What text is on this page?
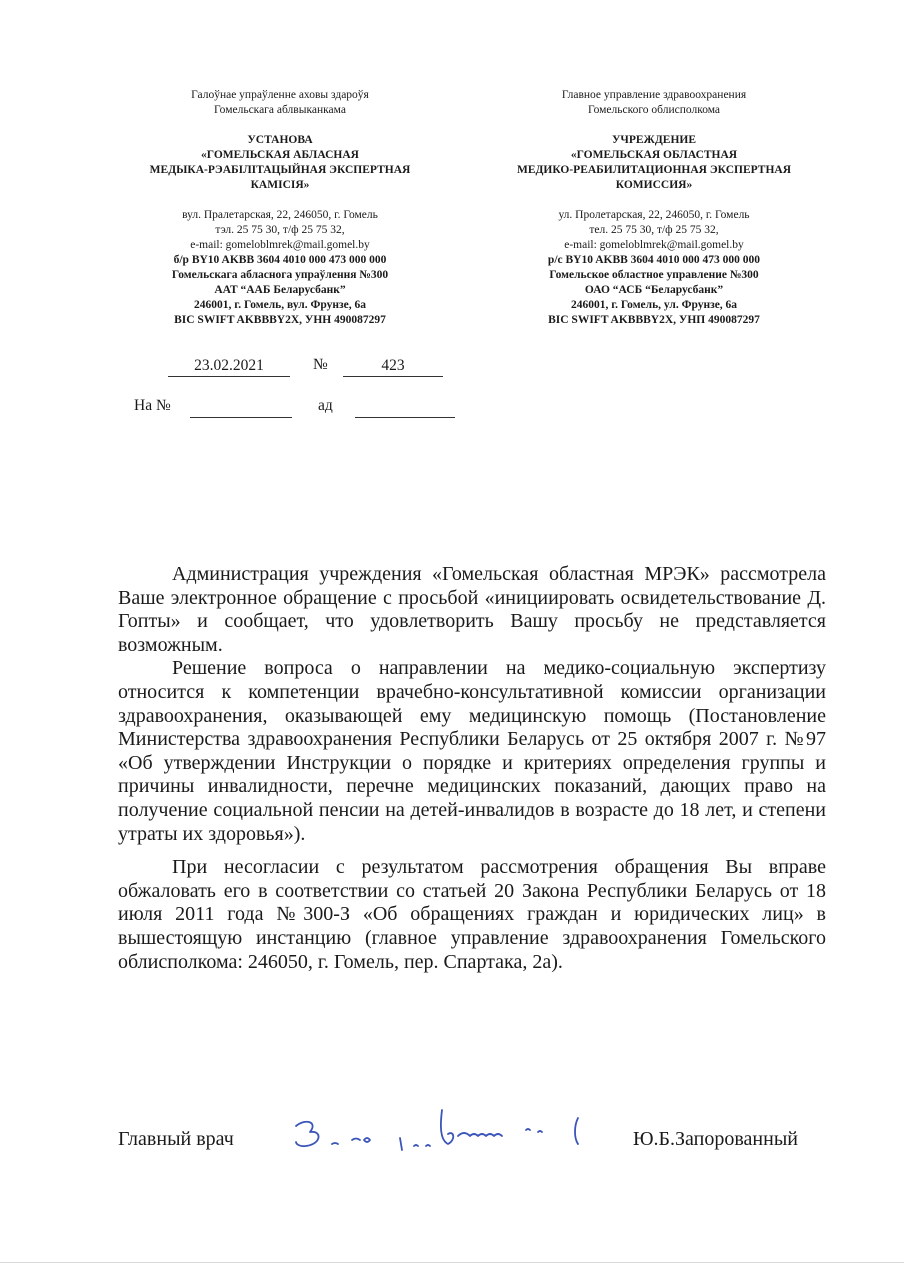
Галоўнае упраўленне аховы здароўя
Гомельскага аблвыканкама
УСТАНОВА
«ГОМЕЛЬСКАЯ АБЛАСНАЯ
МЕДЫКА-РЭАБІЛІТАЦЫЙНАЯ ЭКСПЕРТНАЯ
КАМІСІЯ»
вул. Пралетарская, 22, 246050, г. Гомель
тэл. 25 75 30, т/ф 25 75 32,
e-mail: gomeloblmrek@mail.gomel.by
б/р BY10 AKBB 3604 4010 000 473 000 000
Гомельскага абласнога упраўлення №300
ААТ “ААБ Беларусбанк”
246001, г. Гомель, вул. Фрунзе, 6а
BIC SWIFT AKBBBY2X, УНН 490087297
Главное управление здравоохранения
Гомельского облисполкома
УЧРЕЖДЕНИЕ
«ГОМЕЛЬСКАЯ ОБЛАСТНАЯ
МЕДИКО-РЕАБИЛИТАЦИОННАЯ ЭКСПЕРТНАЯ
КОМИССИЯ»
ул. Пролетарская, 22, 246050, г. Гомель
тел. 25 75 30, т/ф 25 75 32,
e-mail: gomeloblmrek@mail.gomel.by
р/с BY10 AKBB 3604 4010 000 473 000 000
Гомельское областное управление №300
ОАО “АСБ “Беларусбанк”
246001, г. Гомель, ул. Фрунзе, 6а
BIC SWIFT AKBBBY2X, УНП 490087297
23.02.2021	№	423
На №	ад

Администрация учреждения «Гомельская областная МРЭК» рассмотрела Ваше электронное обращение с просьбой «инициировать освидетельствование Д. Гопты» и сообщает, что удовлетворить Вашу просьбу не представляется возможным.

Решение вопроса о направлении на медико-социальную экспертизу относится к компетенции врачебно-консультативной комиссии организации здравоохранения, оказывающей ему медицинскую помощь (Постановление Министерства здравоохранения Республики Беларусь от 25 октября 2007 г. №97 «Об утверждении Инструкции о порядке и критериях определения группы и причины инвалидности, перечне медицинских показаний, дающих право на получение социальной пенсии на детей-инвалидов в возрасте до 18 лет, и степени утраты их здоровья»).

При несогласии с результатом рассмотрения обращения Вы вправе обжаловать его в соответствии со статьей 20 Закона Республики Беларусь от 18 июля 2011 года №300-З «Об обращениях граждан и юридических лиц» в вышестоящую инстанцию (главное управление здравоохранения Гомельского облисполкома: 246050, г. Гомель, пер. Спартака, 2а).

Главный врач	Ю.Б.Запорованный
